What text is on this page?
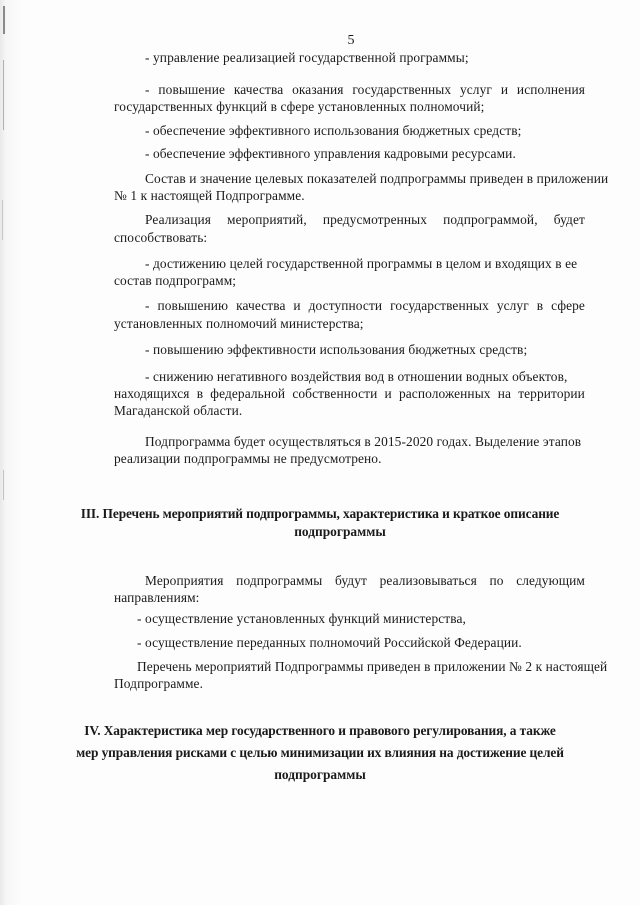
5

- управление реализацией государственной программы;

- повышение качества оказания государственных услуг и исполнения

государственных функций в сфере установленных полномочий;

- обеспечение эффективного использования бюджетных средств;

- обеспечение эффективного управления кадровыми ресурсами.

Состав и значение целевых показателей подпрограммы приведен в приложении

№ 1 к настоящей Подпрограмме.

Реализация мероприятий, предусмотренных подпрограммой, будет

способствовать:

- достижению целей государственной программы в целом и входящих в ее

состав подпрограмм;

- повышению качества и доступности государственных услуг в сфере

установленных полномочий министерства;

- повышению эффективности использования бюджетных средств;

- снижению негативного воздействия вод в отношении водных объектов,

находящихся в федеральной собственности и расположенных на территории

Магаданской области.

Подпрограмма будет осуществляться в 2015-2020 годах. Выделение этапов

реализации подпрограммы не предусмотрено.

III. Перечень мероприятий подпрограммы, характеристика и краткое описание

подпрограммы

Мероприятия подпрограммы будут реализовываться по следующим

направлениям:

- осуществление установленных функций министерства,

- осуществление переданных полномочий Российской Федерации.

Перечень мероприятий Подпрограммы приведен в приложении № 2 к настоящей

Подпрограмме.

IV. Характеристика мер государственного и правового регулирования, а также

мер управления рисками с целью минимизации их влияния на достижение целей

подпрограммы
